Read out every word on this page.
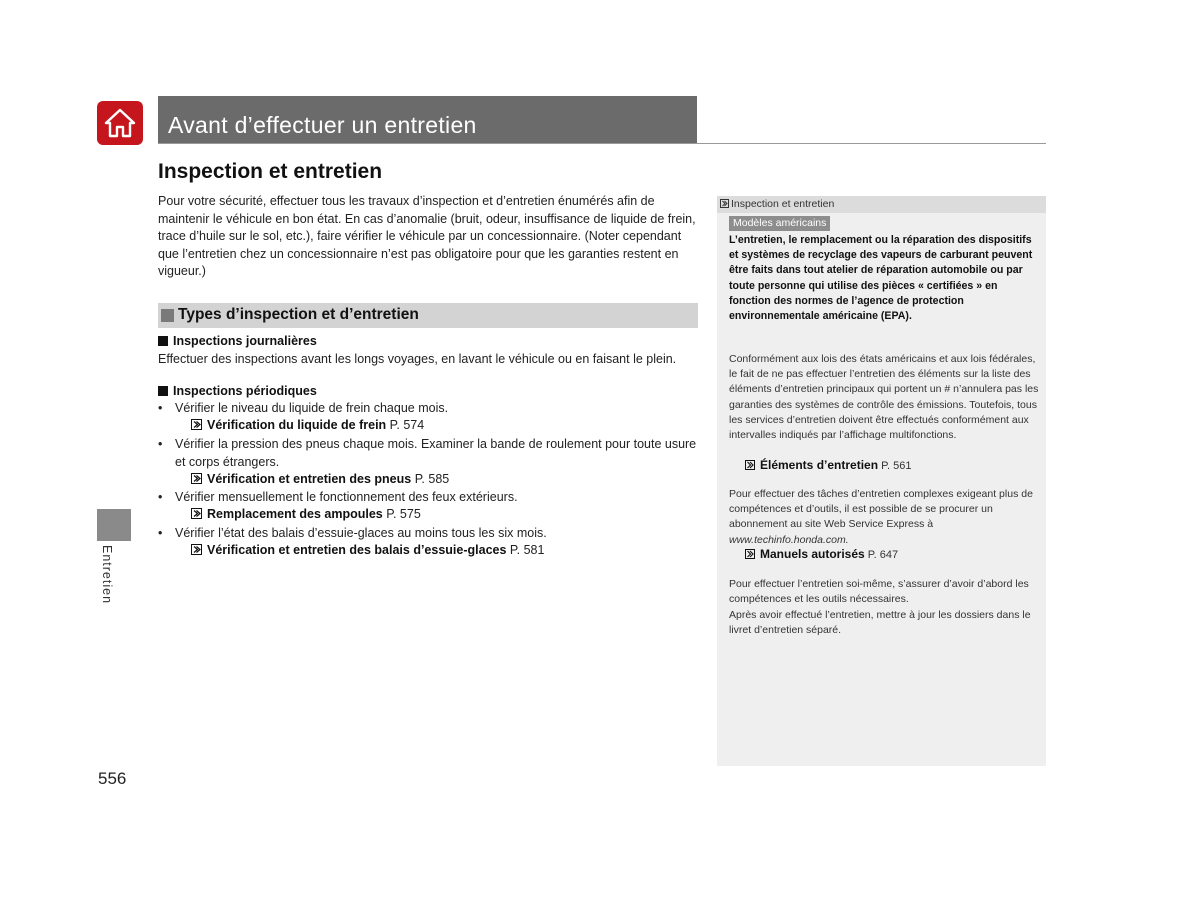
Avant d’effectuer un entretien
Inspection et entretien
Pour votre sécurité, effectuer tous les travaux d’inspection et d’entretien énumérés afin de maintenir le véhicule en bon état. En cas d’anomalie (bruit, odeur, insuffisance de liquide de frein, trace d’huile sur le sol, etc.), faire vérifier le véhicule par un concessionnaire. (Noter cependant que l’entretien chez un concessionnaire n’est pas obligatoire pour que les garanties restent en vigueur.)
Types d’inspection et d’entretien
Inspections journalières
Effectuer des inspections avant les longs voyages, en lavant le véhicule ou en faisant le plein.
Inspections périodiques
• Vérifier le niveau du liquide de frein chaque mois.
Vérification du liquide de frein P. 574
• Vérifier la pression des pneus chaque mois. Examiner la bande de roulement pour toute usure et corps étrangers.
Vérification et entretien des pneus P. 585
• Vérifier mensuellement le fonctionnement des feux extérieurs.
Remplacement des ampoules P. 575
• Vérifier l’état des balais d’essuie-glaces au moins tous les six mois.
Vérification et entretien des balais d’essuie-glaces P. 581
Entretien
556
Inspection et entretien
Modèles américains
L’entretien, le remplacement ou la réparation des dispositifs et systèmes de recyclage des vapeurs de carburant peuvent être faits dans tout atelier de réparation automobile ou par toute personne qui utilise des pièces « certifiées » en fonction des normes de l’agence de protection environnementale américaine (EPA).
Conformément aux lois des états américains et aux lois fédérales, le fait de ne pas effectuer l’entretien des éléments sur la liste des éléments d’entretien principaux qui portent un # n’annulera pas les garanties des systèmes de contrôle des émissions. Toutefois, tous les services d’entretien doivent être effectués conformément aux intervalles indiqués par l’affichage multifonctions.
Éléments d’entretien P. 561
Pour effectuer des tâches d’entretien complexes exigeant plus de compétences et d’outils, il est possible de se procurer un abonnement au site Web Service Express à
www.techinfo.honda.com.
Manuels autorisés P. 647
Pour effectuer l’entretien soi-même, s’assurer d’avoir d’abord les compétences et les outils nécessaires.
Après avoir effectué l’entretien, mettre à jour les dossiers dans le livret d’entretien séparé.
